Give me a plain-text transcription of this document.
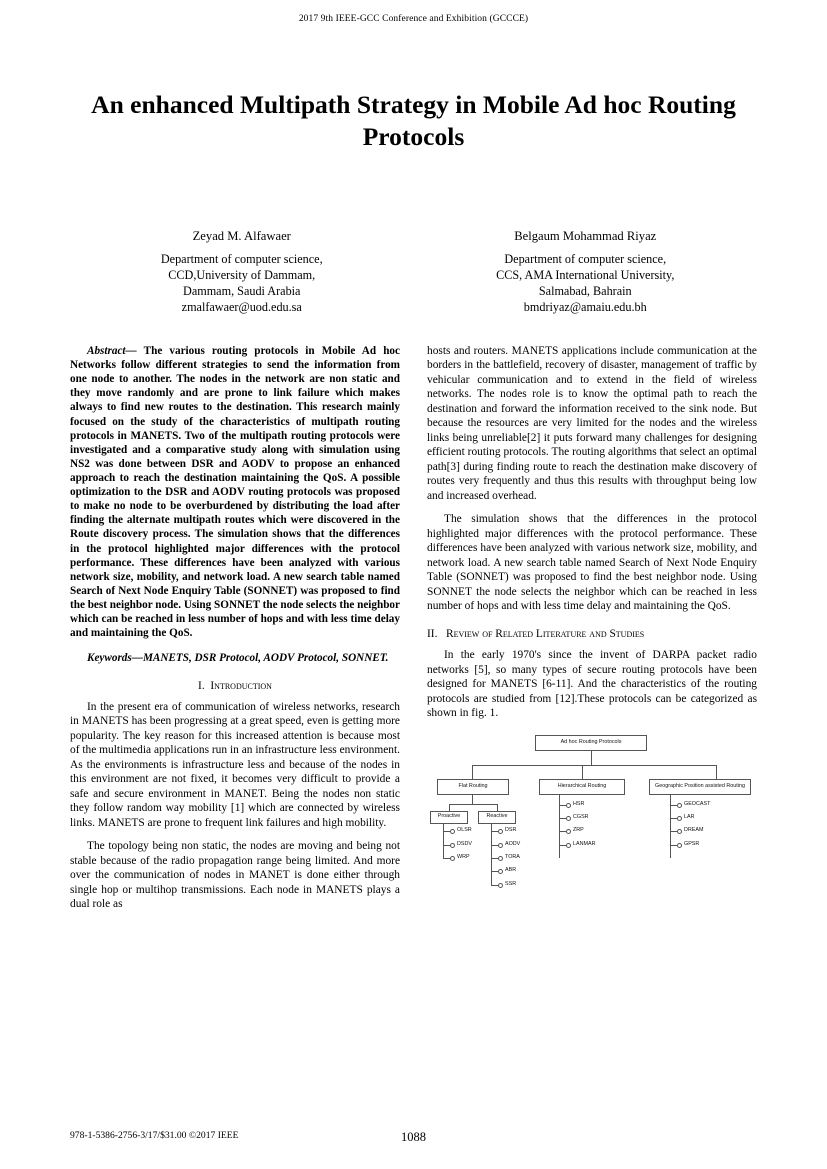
2017 9th IEEE-GCC Conference and Exhibition (GCCCE)
An enhanced Multipath Strategy in Mobile Ad hoc Routing Protocols
Zeyad M. Alfawaer
Department of computer science,
CCD,University of Dammam,
Dammam, Saudi Arabia
zmalfawaer@uod.edu.sa
Belgaum Mohammad Riyaz
Department of computer science,
CCS, AMA International University,
Salmabad, Bahrain
bmdriyaz@amaiu.edu.bh

Abstract— The various routing protocols in Mobile Ad hoc Networks follow different strategies to send the information from one node to another. The nodes in the network are non static and they move randomly and are prone to link failure which makes always to find new routes to the destination. This research mainly focused on the study of the characteristics of multipath routing protocols in MANETS. Two of the multipath routing protocols were investigated and a comparative study along with simulation using NS2 was done between DSR and AODV to propose an enhanced approach to reach the destination maintaining the QoS. A possible optimization to the DSR and AODV routing protocols was proposed to make no node to be overburdened by distributing the load after finding the alternate multipath routes which were discovered in the Route discovery process. The simulation shows that the differences in the protocol highlighted major differences with the protocol performance. These differences have been analyzed with various network size, mobility, and network load. A new search table named Search of Next Node Enquiry Table (SONNET) was proposed to find the best neighbor node. Using SONNET the node selects the neighbor which can be reached in less number of hops and with less time delay and maintaining the QoS.

Keywords—MANETS, DSR Protocol, AODV Protocol, SONNET.

I. Introduction

In the present era of communication of wireless networks, research in MANETS has been progressing at a great speed, even is getting more popularity. The key reason for this increased attention is because most of the multimedia applications run in an infrastructure less environment. As the environments is infrastructure less and because of the nodes in this environment are not fixed, it becomes very difficult to provide a safe and secure environment in MANET. Being the nodes non static they follow random way mobility [1] which are connected by wireless links. MANETS are prone to frequent link failures and high mobility.

The topology being non static, the nodes are moving and being not stable because of the radio propagation range being limited. And more over the communication of nodes in MANET is done either through single hop or multihop transmissions. Each node in MANETS plays a dual role as

hosts and routers. MANETS applications include communication at the borders in the battlefield, recovery of disaster, management of traffic by vehicular communication and to extend in the field of wireless networks. The nodes role is to know the optimal path to reach the destination and forward the information received to the sink node. But because the resources are very limited for the nodes and the wireless links being unreliable[2] it puts forward many challenges for designing efficient routing protocols. The routing algorithms that select an optimal path[3] during finding route to reach the destination make discovery of routes very frequently and thus this results with throughput being low and increased overhead.

The simulation shows that the differences in the protocol highlighted major differences with the protocol performance. These differences have been analyzed with various network size, mobility, and network load. A new search table named Search of Next Node Enquiry Table (SONNET) was proposed to find the best neighbor node. Using SONNET the node selects the neighbor which can be reached in less number of hops and with less time delay and maintaining the QoS.

II. Review of Related Literature and Studies

In the early 1970's since the invent of DARPA packet radio networks [5], so many types of secure routing protocols have been designed for MANETS [6-11]. And the characteristics of the routing protocols are studied from [12].These protocols can be categorized as shown in fig. 1.

Ad hoc Routing Protocols
Flat Routing	Hierarchical Routing	Geographic Position assisted Routing
Proactive	Reactive
OLSR
DSDV
WRP
DSR
AODV
TORA
ABR
SSR
HSR
CGSR
ZRP
LANMAR
GEOCAST
LAR
DREAM
GPSR
978-1-5386-2756-3/17/$31.00 ©2017 IEEE	1088
